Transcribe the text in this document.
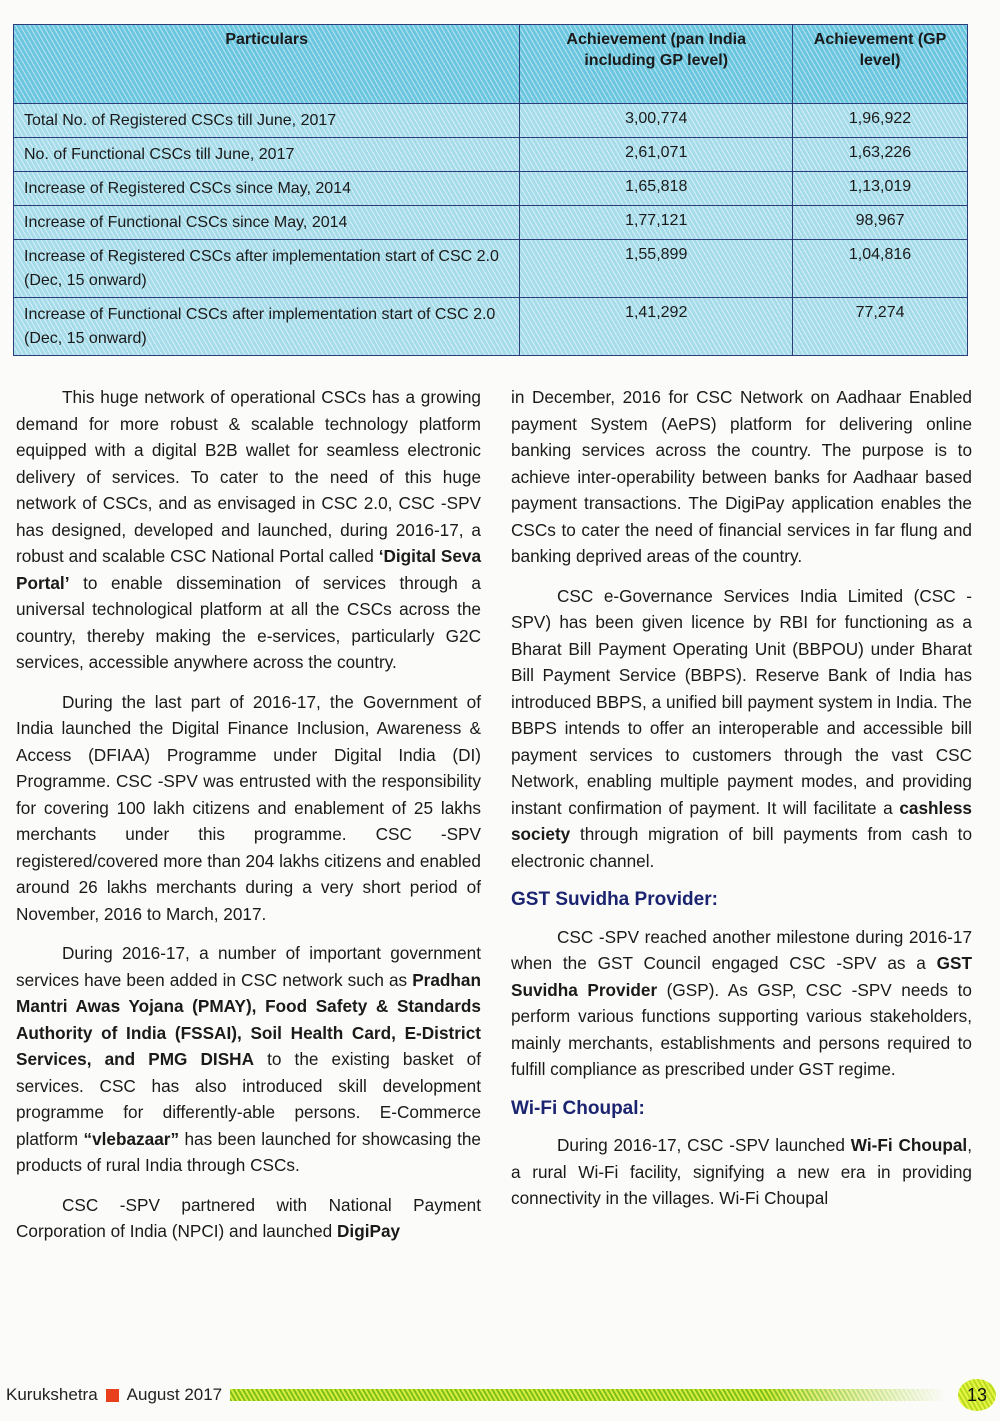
Particulars	Achievement (pan India including GP level)	Achievement (GP level)
Total No. of Registered CSCs till June, 2017	3,00,774	1,96,922
No. of Functional CSCs till June, 2017	2,61,071	1,63,226
Increase of Registered CSCs since May, 2014	1,65,818	1,13,019
Increase of Functional CSCs since May, 2014	1,77,121	98,967
Increase of Registered CSCs after implementation start of CSC 2.0 (Dec, 15 onward)	1,55,899	1,04,816
Increase of Functional CSCs after implementation start of CSC 2.0 (Dec, 15 onward)	1,41,292	77,274

This huge network of operational CSCs has a growing demand for more robust & scalable technology platform equipped with a digital B2B wallet for seamless electronic delivery of services. To cater to the need of this huge network of CSCs, and as envisaged in CSC 2.0, CSC -SPV has designed, developed and launched, during 2016-17, a robust and scalable CSC National Portal called ‘Digital Seva Portal’ to enable dissemination of services through a universal technological platform at all the CSCs across the country, thereby making the e-services, particularly G2C services, accessible anywhere across the country.

During the last part of 2016-17, the Government of India launched the Digital Finance Inclusion, Awareness & Access (DFIAA) Programme under Digital India (DI) Programme. CSC -SPV was entrusted with the responsibility for covering 100 lakh citizens and enablement of 25 lakhs merchants under this programme. CSC -SPV registered/covered more than 204 lakhs citizens and enabled around 26 lakhs merchants during a very short period of November, 2016 to March, 2017.

During 2016-17, a number of important government services have been added in CSC network such as Pradhan Mantri Awas Yojana (PMAY), Food Safety & Standards Authority of India (FSSAI), Soil Health Card, E-District Services, and PMG DISHA to the existing basket of services. CSC has also introduced skill development programme for differently-able persons. E-Commerce platform “vlebazaar” has been launched for showcasing the products of rural India through CSCs.

CSC -SPV partnered with National Payment Corporation of India (NPCI) and launched DigiPay

in December, 2016 for CSC Network on Aadhaar Enabled payment System (AePS) platform for delivering online banking services across the country. The purpose is to achieve inter-operability between banks for Aadhaar based payment transactions. The DigiPay application enables the CSCs to cater the need of financial services in far flung and banking deprived areas of the country.

CSC e-Governance Services India Limited (CSC -SPV) has been given licence by RBI for functioning as a Bharat Bill Payment Operating Unit (BBPOU) under Bharat Bill Payment Service (BBPS). Reserve Bank of India has introduced BBPS, a unified bill payment system in India. The BBPS intends to offer an interoperable and accessible bill payment services to customers through the vast CSC Network, enabling multiple payment modes, and providing instant confirmation of payment. It will facilitate a cashless society through migration of bill payments from cash to electronic channel.

GST Suvidha Provider:

CSC -SPV reached another milestone during 2016-17 when the GST Council engaged CSC -SPV as a GST Suvidha Provider (GSP). As GSP, CSC -SPV needs to perform various functions supporting various stakeholders, mainly merchants, establishments and persons required to fulfill compliance as prescribed under GST regime.

Wi-Fi Choupal:

During 2016-17, CSC -SPV launched Wi-Fi Choupal, a rural Wi-Fi facility, signifying a new era in providing connectivity in the villages. Wi-Fi Choupal

Kurukshetra August 2017	13
